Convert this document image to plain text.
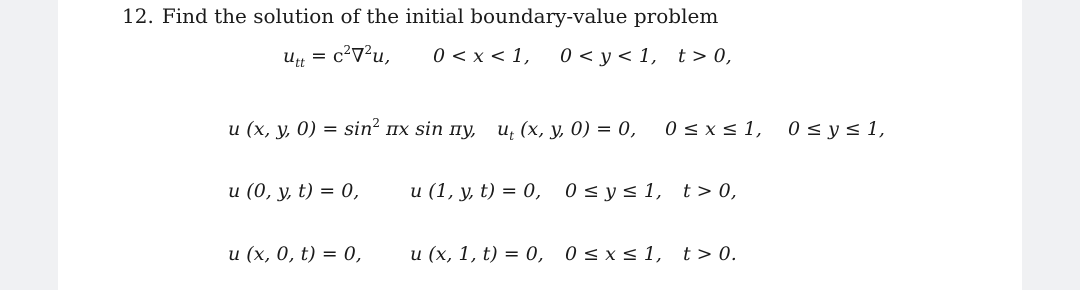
12. Find the solution of the initial boundary-value problem
$u_{tt} = c^2\nabla^2u$, 0 < x < 1, 0 < y < 1, t > 0,
u (x, y, $0) = \sin^2 \pi x$ sin πy, $u_t$ (x, y, 0) = 0, 0 ≤ x ≤ 1, 0 ≤ y ≤ 1,
u (0, y, t) = 0,	u (1, y, t) = 0, 0 ≤ y ≤ 1, t > 0,
u (x, 0, t) = 0,	u (x, 1, t) = 0, 0 ≤ x ≤ 1, t > 0.
